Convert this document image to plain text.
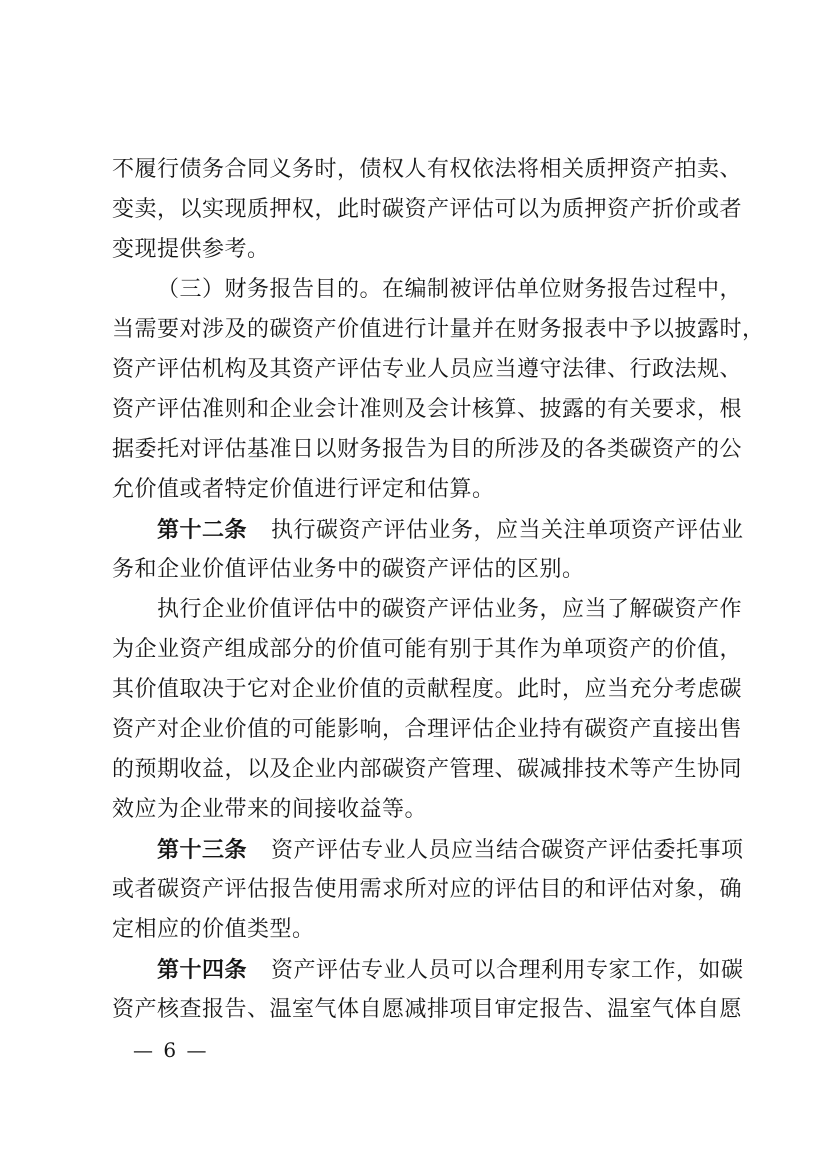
不履行债务合同义务时，债权人有权依法将相关质押资产拍卖、
变卖，以实现质押权，此时碳资产评估可以为质押资产折价或者
变现提供参考。
（三）财务报告目的。在编制被评估单位财务报告过程中，
当需要对涉及的碳资产价值进行计量并在财务报表中予以披露时，
资产评估机构及其资产评估专业人员应当遵守法律、行政法规、
资产评估准则和企业会计准则及会计核算、披露的有关要求，根
据委托对评估基准日以财务报告为目的所涉及的各类碳资产的公
允价值或者特定价值进行评定和估算。
第十二条 执行碳资产评估业务，应当关注单项资产评估业
务和企业价值评估业务中的碳资产评估的区别。
执行企业价值评估中的碳资产评估业务，应当了解碳资产作
为企业资产组成部分的价值可能有别于其作为单项资产的价值，
其价值取决于它对企业价值的贡献程度。此时，应当充分考虑碳
资产对企业价值的可能影响，合理评估企业持有碳资产直接出售
的预期收益，以及企业内部碳资产管理、碳减排技术等产生协同
效应为企业带来的间接收益等。
第十三条 资产评估专业人员应当结合碳资产评估委托事项
或者碳资产评估报告使用需求所对应的评估目的和评估对象，确
定相应的价值类型。
第十四条 资产评估专业人员可以合理利用专家工作，如碳
资产核查报告、温室气体自愿减排项目审定报告、温室气体自愿
— 6 —
